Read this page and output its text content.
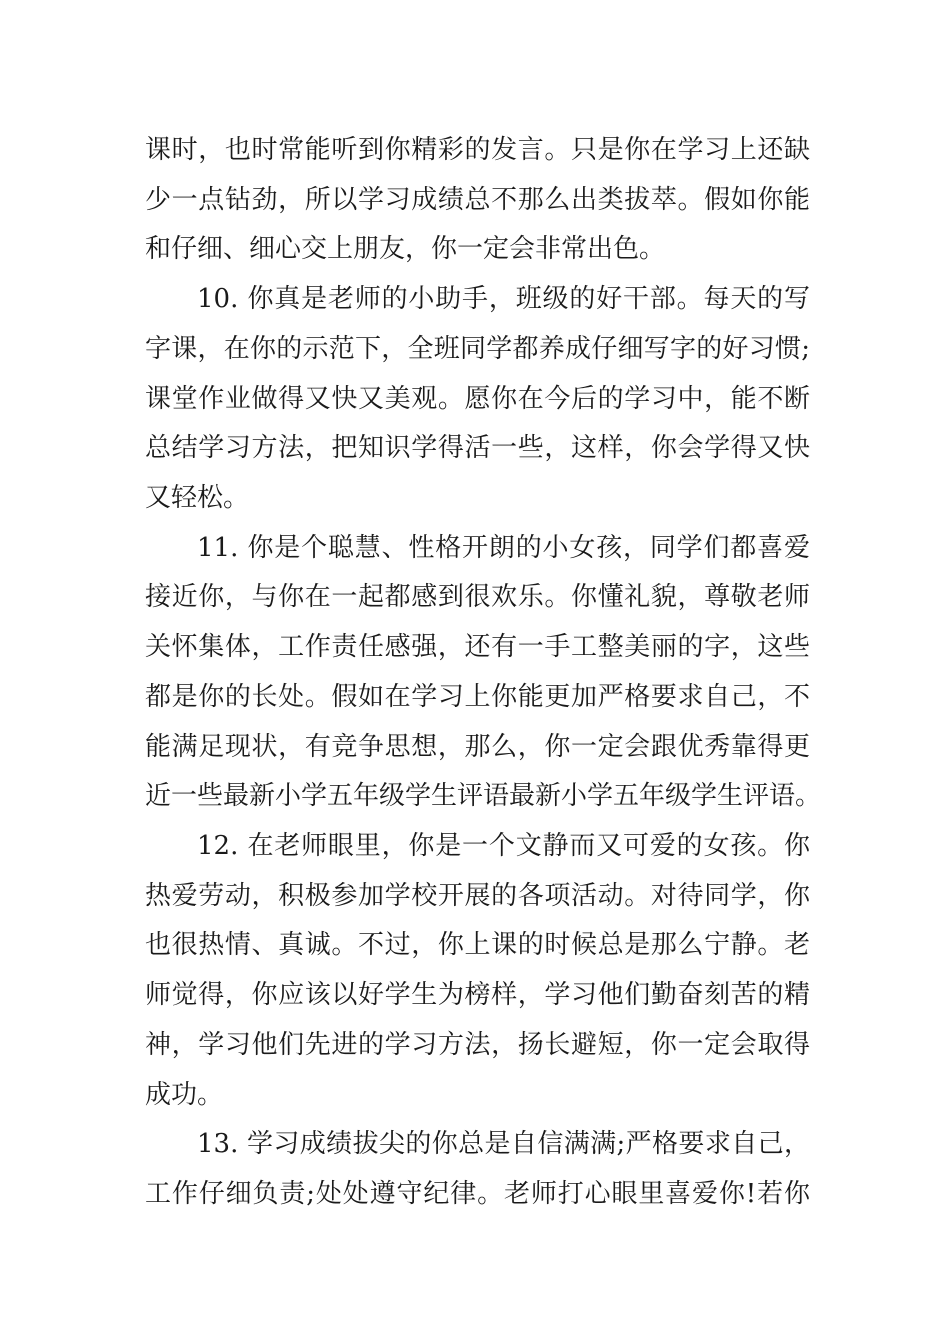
课时，也时常能听到你精彩的发言。只是你在学习上还缺
少一点钻劲，所以学习成绩总不那么出类拔萃。假如你能
和仔细、细心交上朋友，你一定会非常出色。
10. 你真是老师的小助手，班级的好干部。每天的写
字课，在你的示范下，全班同学都养成仔细写字的好习惯;
课堂作业做得又快又美观。愿你在今后的学习中，能不断
总结学习方法，把知识学得活一些，这样，你会学得又快
又轻松。
11. 你是个聪慧、性格开朗的小女孩，同学们都喜爱
接近你，与你在一起都感到很欢乐。你懂礼貌，尊敬老师
关怀集体，工作责任感强，还有一手工整美丽的字，这些
都是你的长处。假如在学习上你能更加严格要求自己，不
能满足现状，有竞争思想，那么，你一定会跟优秀靠得更
近一些最新小学五年级学生评语最新小学五年级学生评语。
12. 在老师眼里，你是一个文静而又可爱的女孩。你
热爱劳动，积极参加学校开展的各项活动。对待同学，你
也很热情、真诚。不过，你上课的时候总是那么宁静。老
师觉得，你应该以好学生为榜样，学习他们勤奋刻苦的精
神，学习他们先进的学习方法，扬长避短，你一定会取得
成功。
13. 学习成绩拔尖的你总是自信满满;严格要求自己，
工作仔细负责;处处遵守纪律。老师打心眼里喜爱你!若你
